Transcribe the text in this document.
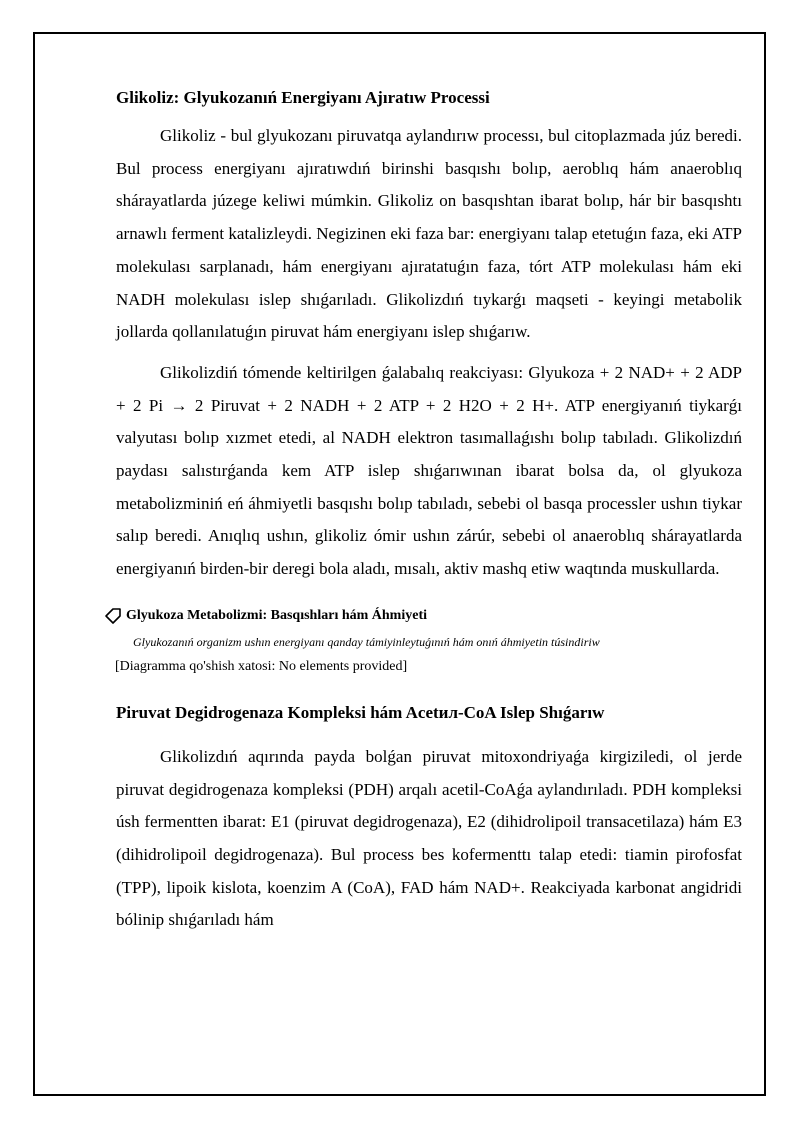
Glikoliz: Glyukozanıń Energiyanı Ajıratıw Processi

Glikoliz - bul glyukozanı piruvatqa aylandırıw processı, bul citoplazmada júz beredi. Bul process energiyanı ajıratıwdıń birinshi basqıshı bolıp, aeroblıq hám anaeroblıq shárayatlarda júzege keliwi múmkin. Glikoliz on basqıshtan ibarat bolıp, hár bir basqıshtı arnawlı ferment katalizleydi. Negizinen eki faza bar: energiyanı talap etetuǵın faza, eki ATP molekulası sarplanadı, hám energiyanı ajıratatuǵın faza, tórt ATP molekulası hám eki NADH molekulası islep shıǵarıladı. Glikolizdıń tıykarǵı maqseti - keyingi metabolik jollarda qollanılatuǵın piruvat hám energiyanı islep shıǵarıw.

Glikolizdiń tómende keltirilgen ǵalabalıq reakciyası: Glyukoza + 2 NAD+ + 2 ADP + 2 Pi → 2 Piruvat + 2 NADH + 2 ATP + 2 H2O + 2 H+. ATP energiyanıń tiykarǵı valyutası bolıp xızmet etedi, al NADH elektron tasımallaǵıshı bolıp tabıladı. Glikolizdıń paydası salıstırǵanda kem ATP islep shıǵarıwınan ibarat bolsa da, ol glyukoza metabolizminiń eń áhmiyetli basqıshı bolıp tabıladı, sebebi ol basqa processler ushın tiykar salıp beredi. Anıqlıq ushın, glikoliz ómir ushın zárúr, sebebi ol anaeroblıq shárayatlarda energiyanıń birden-bir deregi bola aladı, mısalı, aktiv mashq etiw waqtında muskullarda.

Glyukoza Metabolizmi: Basqıshları hám Áhmiyeti
Glyukozanıń organizm ushın energiyanı qanday támiyinleytuǵınıń hám onıń áhmiyetin túsindiriw
[Diagramma qo'shish xatosi: No elements provided]
Piruvat Degidrogenaza Kompleksi hám Acetил-CoA Islep Shıǵarıw

Glikolizdıń aqırında payda bolǵan piruvat mitoxondriyaǵa kirgiziledi, ol jerde piruvat degidrogenaza kompleksi (PDH) arqalı acetil-CoAǵa aylandırıladı. PDH kompleksi úsh fermentten ibarat: E1 (piruvat degidrogenaza), E2 (dihidrolipoil transacetilaza) hám E3 (dihidrolipoil degidrogenaza). Bul process bes kofermenttı talap etedi: tiamin pirofosfat (TPP), lipoik kislota, koenzim A (CoA), FAD hám NAD+. Reakciyada karbonat angidridi bólinip shıǵarıladı hám
